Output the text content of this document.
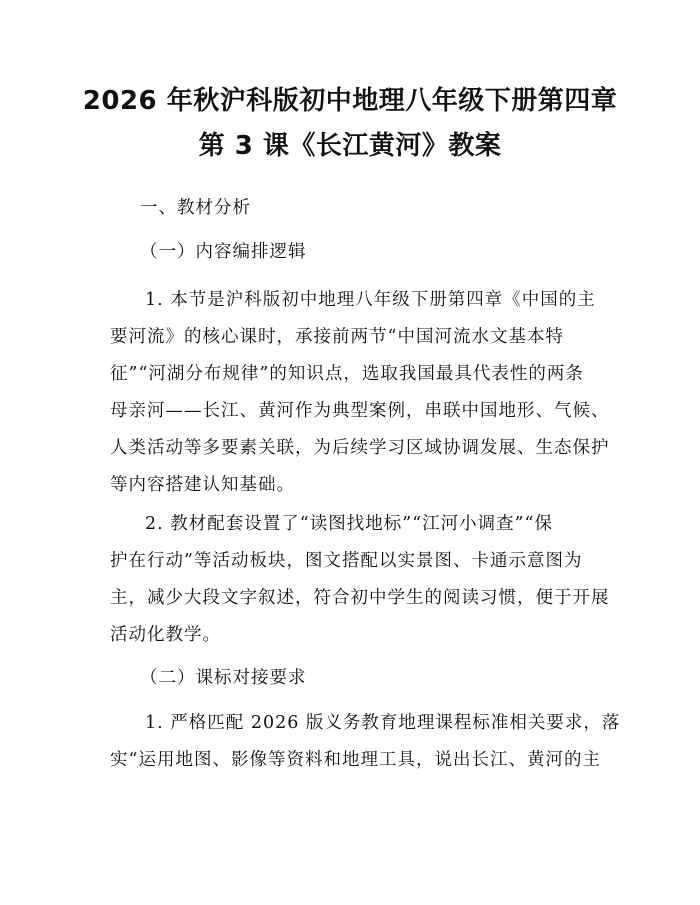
2026 年秋沪科版初中地理八年级下册第四章
第 3 课《长江黄河》教案
一、教材分析
（一）内容编排逻辑
1. 本节是沪科版初中地理八年级下册第四章《中国的主
要河流》的核心课时，承接前两节“中国河流水文基本特
征”“河湖分布规律”的知识点，选取我国最具代表性的两条
母亲河——长江、黄河作为典型案例，串联中国地形、气候、
人类活动等多要素关联，为后续学习区域协调发展、生态保护
等内容搭建认知基础。
2. 教材配套设置了“读图找地标”“江河小调查”“保
护在行动”等活动板块，图文搭配以实景图、卡通示意图为
主，减少大段文字叙述，符合初中学生的阅读习惯，便于开展
活动化教学。
（二）课标对接要求
1. 严格匹配 2026 版义务教育地理课程标准相关要求，落
实“运用地图、影像等资料和地理工具，说出长江、黄河的主
